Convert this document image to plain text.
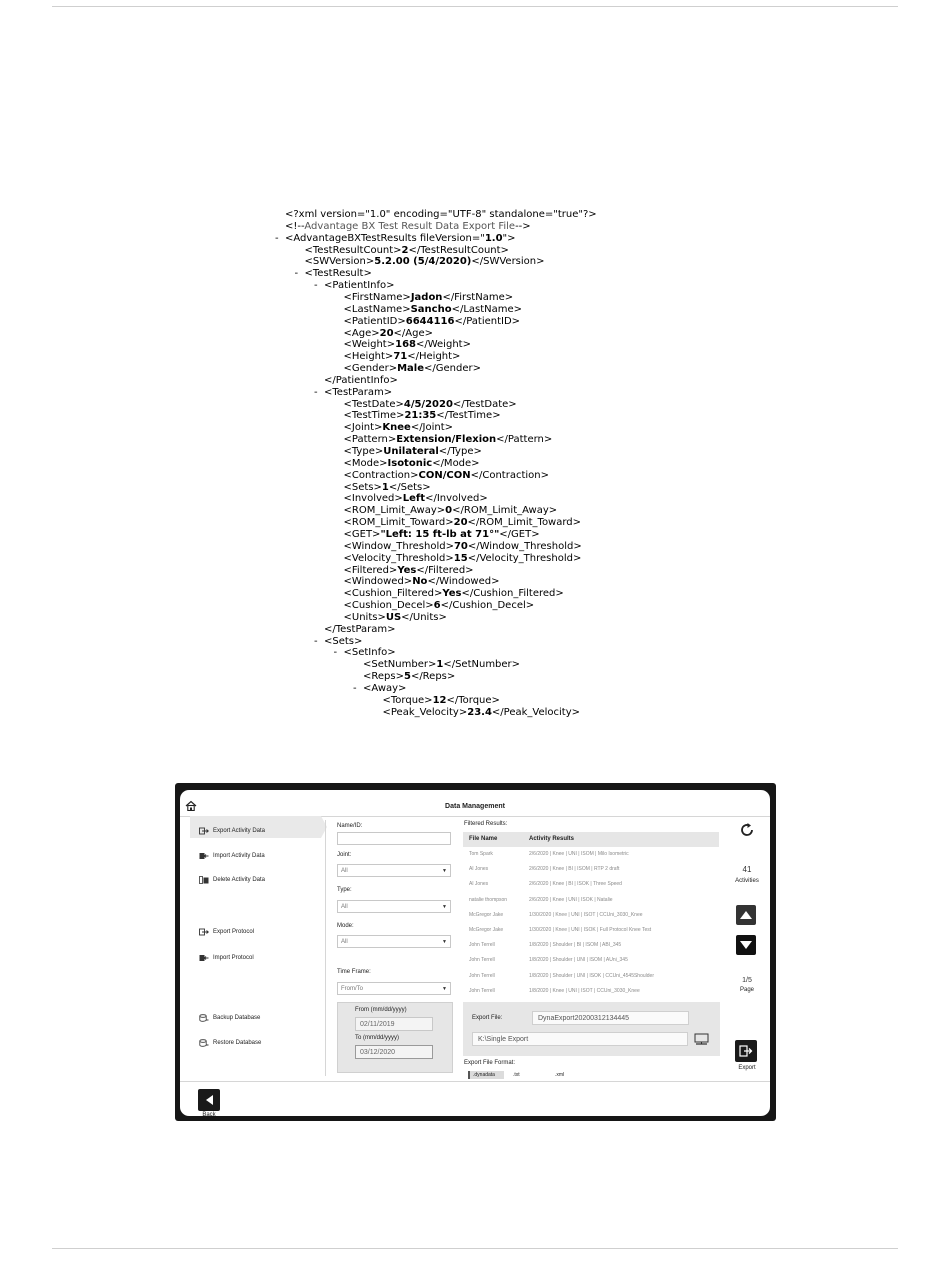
<?xml version="1.0" encoding="UTF-8" standalone="true"?>
<!--Advantage BX Test Result Data Export File-->
- <AdvantageBXTestResults fileVersion="1.0">
<TestResultCount>2</TestResultCount>
<SWVersion>5.2.00 (5/4/2020)</SWVersion>
- <TestResult>
- <PatientInfo>
<FirstName>Jadon</FirstName>
<LastName>Sancho</LastName>
<PatientID>6644116</PatientID>
<Age>20</Age>
<Weight>168</Weight>
<Height>71</Height>
<Gender>Male</Gender>
</PatientInfo>
- <TestParam>
<TestDate>4/5/2020</TestDate>
<TestTime>21:35</TestTime>
<Joint>Knee</Joint>
<Pattern>Extension/Flexion</Pattern>
<Type>Unilateral</Type>
<Mode>Isotonic</Mode>
<Contraction>CON/CON</Contraction>
<Sets>1</Sets>
<Involved>Left</Involved>
<ROM_Limit_Away>0</ROM_Limit_Away>
<ROM_Limit_Toward>20</ROM_Limit_Toward>
<GET>"Left: 15 ft-lb at 71°"</GET>
<Window_Threshold>70</Window_Threshold>
<Velocity_Threshold>15</Velocity_Threshold>
<Filtered>Yes</Filtered>
<Windowed>No</Windowed>
<Cushion_Filtered>Yes</Cushion_Filtered>
<Cushion_Decel>6</Cushion_Decel>
<Units>US</Units>
</TestParam>
- <Sets>
- <SetInfo>
<SetNumber>1</SetNumber>
<Reps>5</Reps>
- <Away>
<Torque>12</Torque>
<Peak_Velocity>23.4</Peak_Velocity>
Data Management
Export Activity Data
Import Activity Data
Delete Activity Data
Export Protocol
Import Protocol
Backup Database
Restore Database
Name/ID:
Joint:
All	▼
Type:
All	▼
Mode:
All	▼
Time Frame:
From/To	▼
From (mm/dd/yyyy)
02/11/2019
To (mm/dd/yyyy)
03/12/2020
Filtered Results:
File Name	Activity Results
Tom Spark	2/6/2020 | Knee | UNI | ISOM | Milo Isometric
Al Jones	2/6/2020 | Knee | BI | ISOM | RTP 2 draft
Al Jones	2/6/2020 | Knee | BI | ISOK | Three Speed
natalie thompson	2/6/2020 | Knee | UNI | ISOK | Natalie
McGregor Jake	1/30/2020 | Knee | UNI | ISOT | CCUni_3030_Knee
McGregor Jake	1/30/2020 | Knee | UNI | ISOK | Full Protocol Knee Test
John Terrell	1/8/2020 | Shoulder | BI | ISOM | ABI_345
John Terrell	1/8/2020 | Shoulder | UNI | ISOM | AUni_345
John Terrell	1/8/2020 | Shoulder | UNI | ISOK | CCUni_4545Shoulder
John Terrell	1/8/2020 | Knee | UNI | ISOT | CCUni_3030_Knee
Export File:	DynaExport20200312134445
K:\Single Export
Export File Format:
.dynadata	.txt	.xml
41
Activities
1/5
Page
Export
Back
